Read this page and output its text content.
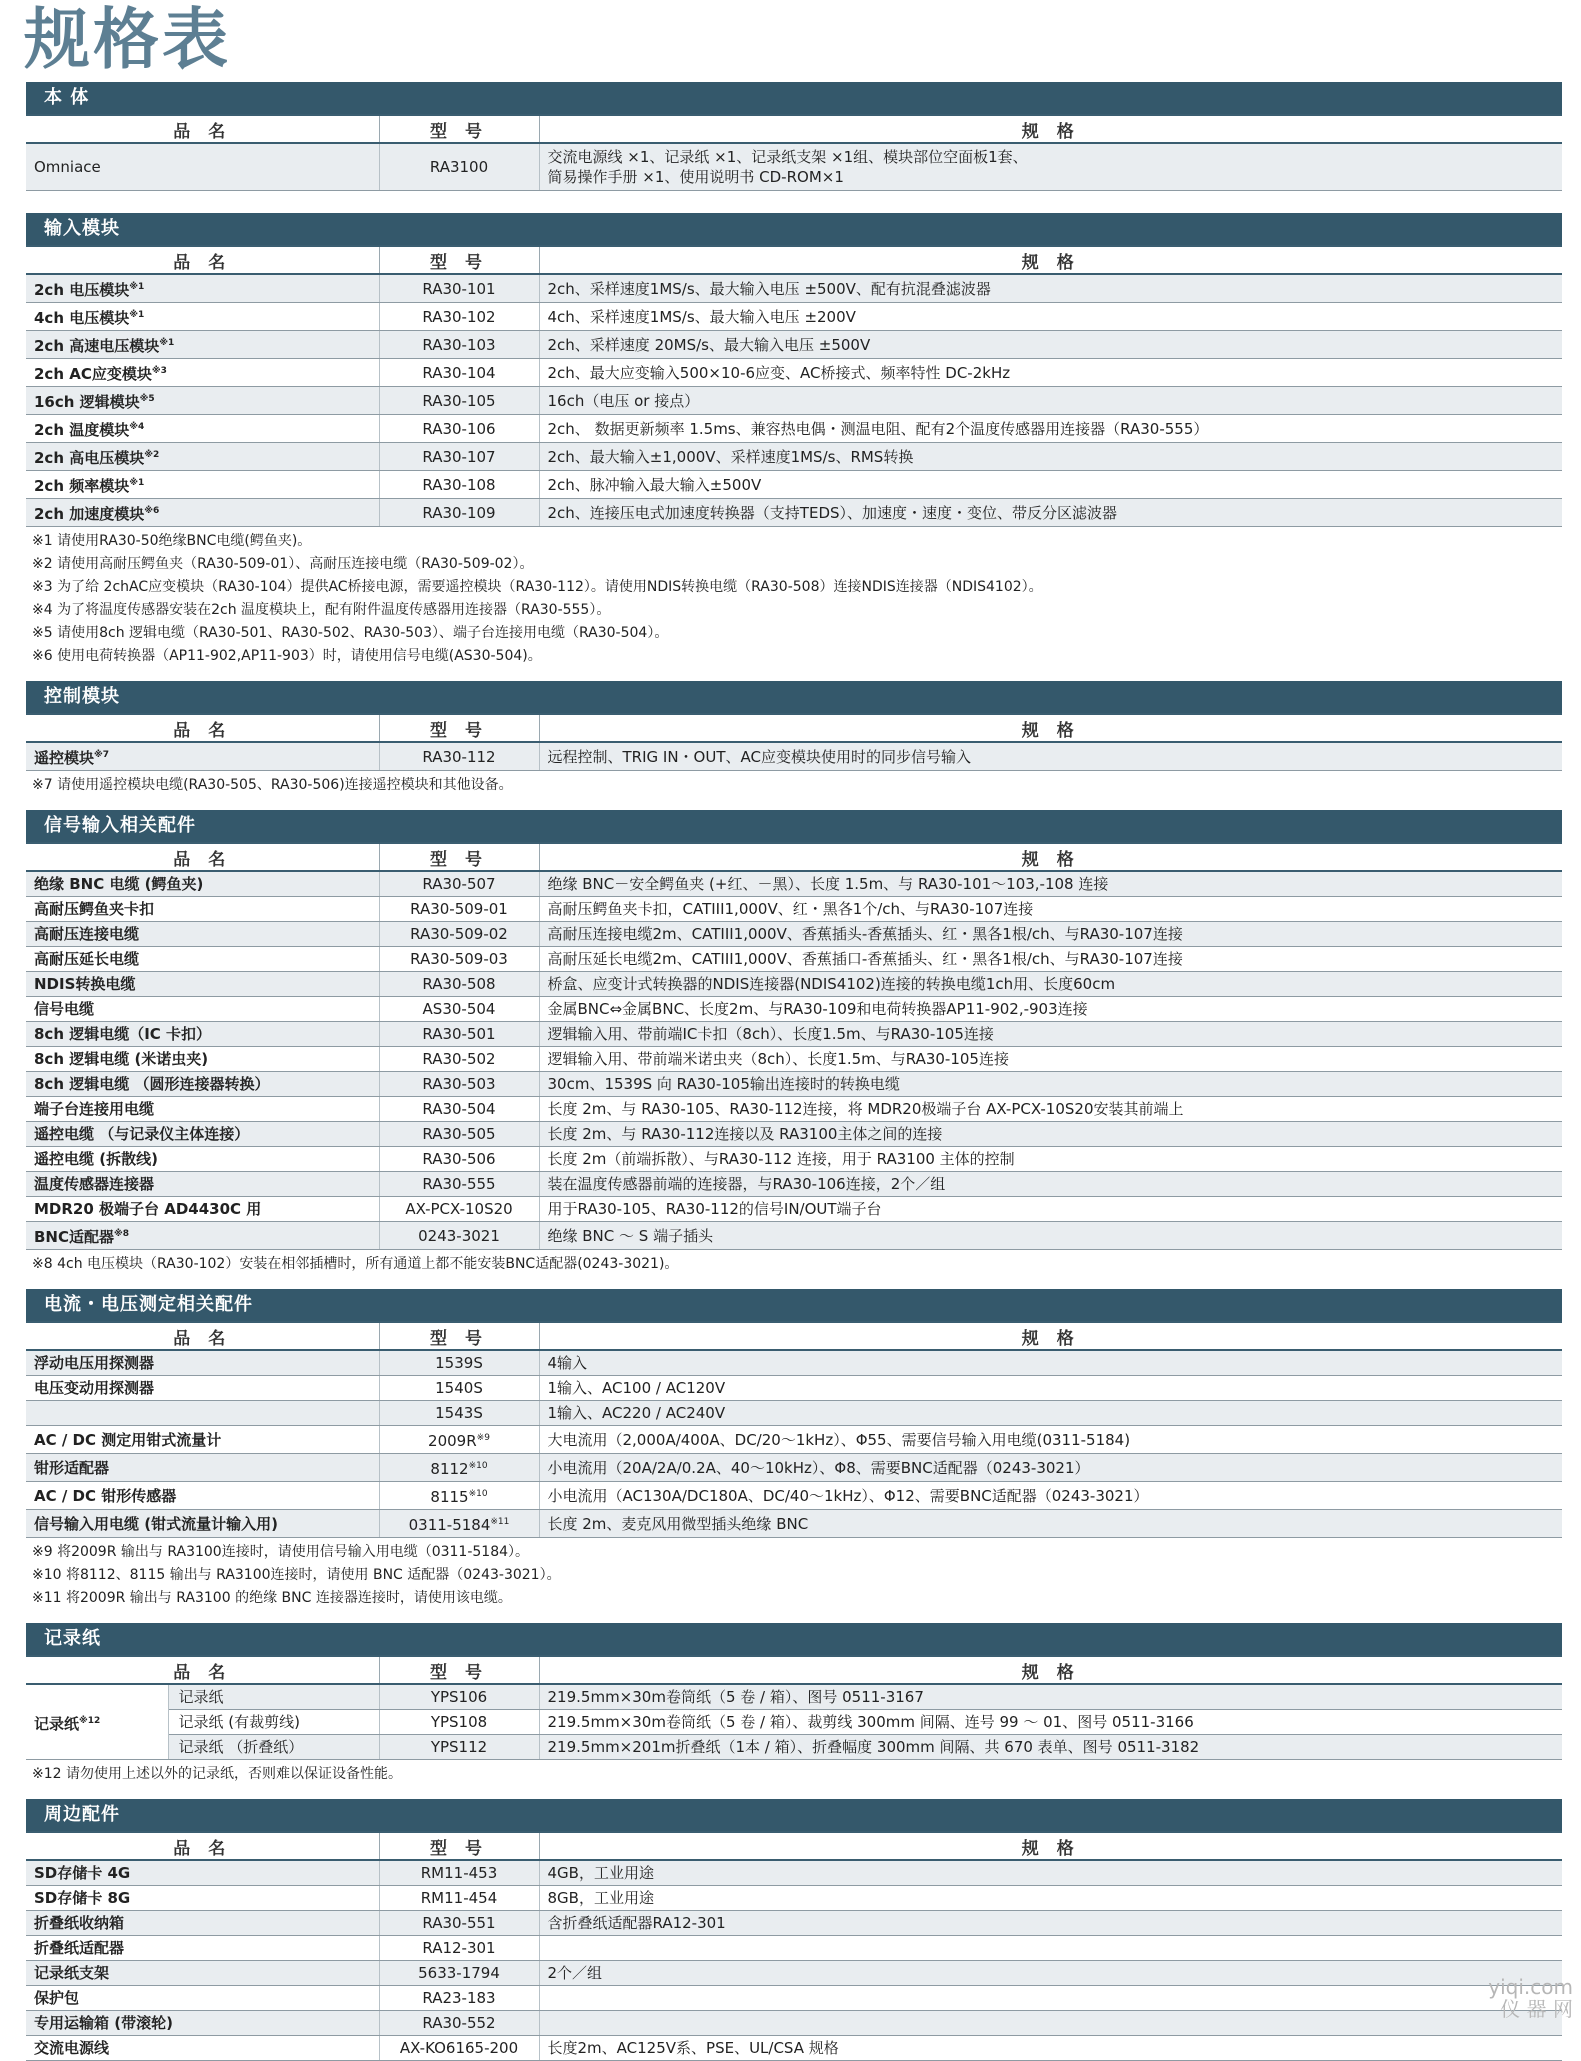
规格表
本 体
品 名	型 号	规 格
Omniace	RA3100	交流电源线 ×1、记录纸 ×1、记录纸支架 ×1组、模块部位空面板1套、
简易操作手册 ×1、使用说明书 CD-ROM×1
输入模块
品 名	型 号	规 格
2ch 电压模块$^{※1}$	RA30-101	2ch、采样速度1MS/s、最大输入电压 ±500V、配有抗混叠滤波器
4ch 电压模块$^{※1}$	RA30-102	4ch、采样速度1MS/s、最大输入电压 ±200V
2ch 高速电压模块$^{※1}$	RA30-103	2ch、采样速度 20MS/s、最大输入电压 ±500V
2ch AC应变模块$^{※3}$	RA30-104	2ch、最大应变输入500×10-6应变、AC桥接式、频率特性 DC-2kHz
16ch 逻辑模块$^{※5}$	RA30-105	16ch（电压 or 接点）
2ch 温度模块$^{※4}$	RA30-106	2ch、 数据更新频率 1.5ms、兼容热电偶・测温电阻、配有2个温度传感器用连接器（RA30-555）
2ch 高电压模块$^{※2}$	RA30-107	2ch、最大输入±1,000V、采样速度1MS/s、RMS转换
2ch 频率模块$^{※1}$	RA30-108	2ch、脉冲输入最大输入±500V
2ch 加速度模块$^{※6}$	RA30-109	2ch、连接压电式加速度转换器（支持TEDS）、加速度・速度・变位、带反分区滤波器

※1 请使用RA30-50绝缘BNC电缆(鳄鱼夹)。

※2 请使用高耐压鳄鱼夹（RA30-509-01）、高耐压连接电缆（RA30-509-02）。

※3 为了给 2chAC应变模块（RA30-104）提供AC桥接电源，需要遥控模块（RA30-112）。请使用NDIS转换电缆（RA30-508）连接NDIS连接器（NDIS4102）。

※4 为了将温度传感器安装在2ch 温度模块上，配有附件温度传感器用连接器（RA30-555）。

※5 请使用8ch 逻辑电缆（RA30-501、RA30-502、RA30-503）、端子台连接用电缆（RA30-504）。

※6 使用电荷转换器（AP11-902,AP11-903）时，请使用信号电缆(AS30-504)。

控制模块
品 名	型 号	规 格
遥控模块$^{※7}$	RA30-112	远程控制、TRIG IN・OUT、AC应变模块使用时的同步信号输入

※7 请使用遥控模块电缆(RA30-505、RA30-506)连接遥控模块和其他设备。

信号输入相关配件
品 名	型 号	规 格
绝缘 BNC 电缆 (鳄鱼夹)	RA30-507	绝缘 BNC－安全鳄鱼夹 (+红、－黑）、长度 1.5m、与 RA30-101～103,-108 连接
高耐压鳄鱼夹卡扣	RA30-509-01	高耐压鳄鱼夹卡扣，CATIII1,000V、红・黑各1个/ch、与RA30-107连接
高耐压连接电缆	RA30-509-02	高耐压连接电缆2m、CATIII1,000V、香蕉插头-香蕉插头、红・黑各1根/ch、与RA30-107连接
高耐压延长电缆	RA30-509-03	高耐压延长电缆2m、CATIII1,000V、香蕉插口-香蕉插头、红・黑各1根/ch、与RA30-107连接
NDIS转换电缆	RA30-508	桥盒、应变计式转换器的NDIS连接器(NDIS4102)连接的转换电缆1ch用、长度60cm
信号电缆	AS30-504	金属BNC⇔金属BNC、长度2m、与RA30-109和电荷转换器AP11-902,-903连接
8ch 逻辑电缆（IC 卡扣）	RA30-501	逻辑输入用、带前端IC卡扣（8ch）、长度1.5m、与RA30-105连接
8ch 逻辑电缆 (米诺虫夹)	RA30-502	逻辑输入用、带前端米诺虫夹（8ch）、长度1.5m、与RA30-105连接
8ch 逻辑电缆 （圆形连接器转换）	RA30-503	30cm、1539S 向 RA30-105输出连接时的转换电缆
端子台连接用电缆	RA30-504	长度 2m、与 RA30-105、RA30-112连接，将 MDR20极端子台 AX-PCX-10S20安装其前端上
遥控电缆 （与记录仪主体连接）	RA30-505	长度 2m、与 RA30-112连接以及 RA3100主体之间的连接
遥控电缆 (拆散线)	RA30-506	长度 2m（前端拆散）、与RA30-112 连接，用于 RA3100 主体的控制
温度传感器连接器	RA30-555	装在温度传感器前端的连接器，与RA30-106连接，2个／组
MDR20 极端子台 AD4430C 用	AX-PCX-10S20	用于RA30-105、RA30-112的信号IN/OUT端子台
BNC适配器$^{※8}$	0243-3021	绝缘 BNC ～ S 端子插头

※8 4ch 电压模块（RA30-102）安装在相邻插槽时，所有通道上都不能安装BNC适配器(0243-3021)。

电流・电压测定相关配件
品 名	型 号	规 格
浮动电压用探测器	1539S	4输入
电压变动用探测器	1540S	1输入、AC100 / AC120V
	1543S	1输入、AC220 / AC240V
AC / DC 测定用钳式流量计	$2009R^{※9}$	大电流用（2,000A/400A、DC/20～1kHz）、Φ55、需要信号输入用电缆(0311-5184)
钳形适配器	8112$^{※10}$	小电流用（20A/2A/0.2A、40～10kHz）、Φ8、需要BNC适配器（0243-3021）
AC / DC 钳形传感器	8115$^{※10}$	小电流用（AC130A/DC180A、DC/40～1kHz）、Φ12、需要BNC适配器（0243-3021）
信号输入用电缆 (钳式流量计输入用)	0311-5184$^{※11}$	长度 2m、麦克风用微型插头绝缘 BNC

※9 将2009R 输出与 RA3100连接时，请使用信号输入用电缆（0311-5184）。

※10 将8112、8115 输出与 RA3100连接时，请使用 BNC 适配器（0243-3021）。

※11 将2009R 输出与 RA3100 的绝缘 BNC 连接器连接时，请使用该电缆。

记录纸
品 名		型 号	规 格
记录纸$^{※12}$	记录纸	YPS106	219.5mm×30m卷筒纸（5 卷 / 箱）、图号 0511-3167
	记录纸 (有裁剪线)	YPS108	219.5mm×30m卷筒纸（5 卷 / 箱）、裁剪线 300mm 间隔、连号 99 ～ 01、图号 0511-3166
	记录纸 （折叠纸）	YPS112	219.5mm×201m折叠纸（1本 / 箱）、折叠幅度 300mm 间隔、共 670 表单、图号 0511-3182

※12 请勿使用上述以外的记录纸，否则难以保证设备性能。

周边配件
品 名	型 号	规 格
SD存储卡 4G	RM11-453	4GB，工业用途
SD存储卡 8G	RM11-454	8GB，工业用途
折叠纸收纳箱	RA30-551	含折叠纸适配器RA12-301
折叠纸适配器	RA12-301	
记录纸支架	5633-1794	2个／组
保护包	RA23-183	
专用运输箱 (带滚轮)	RA30-552	
交流电源线	AX-KO6165-200	长度2m、AC125V系、PSE、UL/CSA 规格
yiqi.com
仪 器 网
